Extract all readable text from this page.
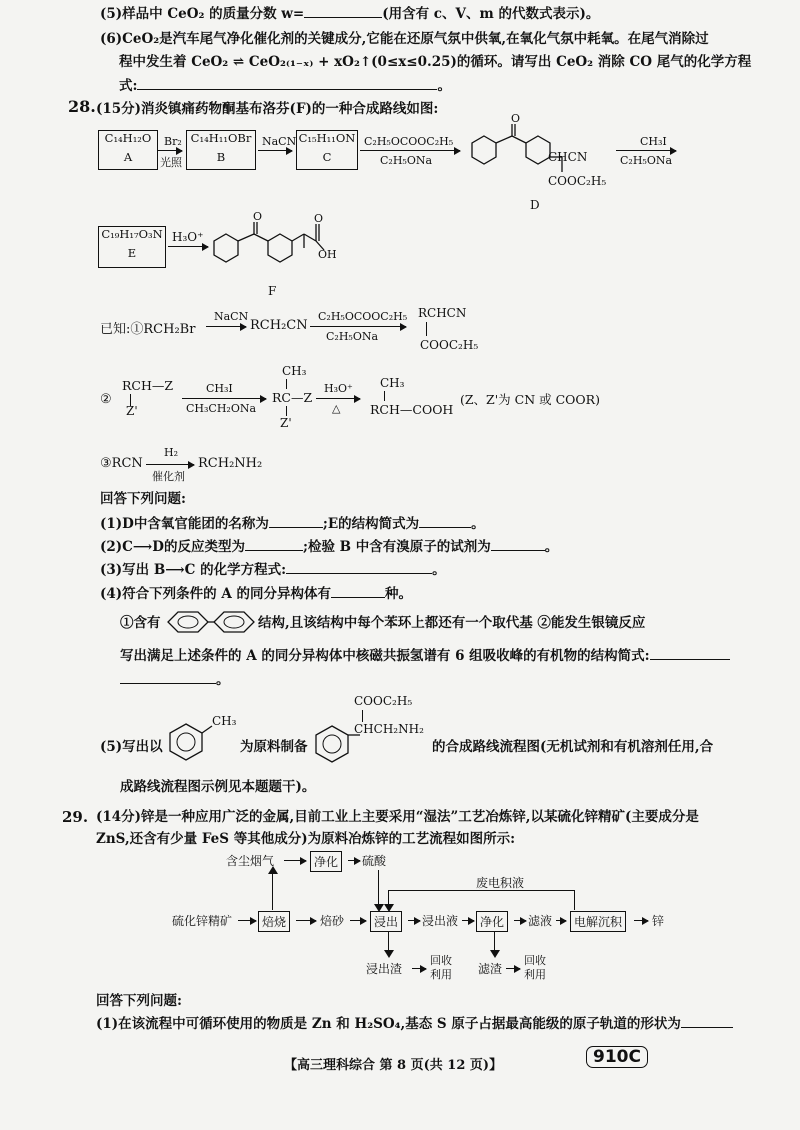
(5)样品中 CeO₂ 的质量分数 w=	(用含有 c、V、m 的代数式表示)。
(6)CeO₂是汽车尾气净化催化剂的关键成分,它能在还原气氛中供氧,在氧化气氛中耗氧。在尾气消除过
程中发生着 CeO₂ ⇌ CeO₂₍₁₋ₓ₎ + xO₂↑(0≤x≤0.25)的循环。请写出 CeO₂ 消除 CO 尾气的化学方程
式:	。
28. (15分)消炎镇痛药物酮基布洛芬(F)的一种合成路线如图:
C₁₄H₁₂O
A
Br₂
光照
C₁₄H₁₁OBr
B
NaCN C₁₅H₁₁ON
C
C₂H₅OCOOC₂H₅
C₂H₅ONa
O
CHCN
COOC₂H₅
D
CH₃I
C₂H₅ONa
C₁₉H₁₇O₃N
E
H₃O⁺
O	O
OH
F
已知:①RCH₂Br
NaCN
RCH₂CN
C₂H₅OCOOC₂H₅
C₂H₅ONa
RCHCN
COOC₂H₅
②
RCH—Z
Z'
CH₃I
CH₃CH₂ONa
CH₃
RC—Z
Z'
H₃O⁺
△
CH₃
RCH—COOH
(Z、Z'为 CN 或 COOR)
③RCN
H₂
催化剂
RCH₂NH₂
回答下列问题:
(1)D中含氧官能团的名称为	;E的结构简式为	。
(2)C⟶D的反应类型为	;检验 B 中含有溴原子的试剂为	。
(3)写出 B⟶C 的化学方程式:	。
(4)符合下列条件的 A 的同分异构体有	种。
①含有	结构,且该结构中每个苯环上都还有一个取代基 ②能发生银镜反应
写出满足上述条件的 A 的同分异构体中核磁共振氢谱有 6 组吸收峰的有机物的结构简式:
。
(5)写出以
CH₃
为原料制备
COOC₂H₅
CHCH₂NH₂
的合成路线流程图(无机试剂和有机溶剂任用,合
成路线流程图示例见本题题干)。
29. (14分)锌是一种应用广泛的金属,目前工业上主要采用“湿法”工艺冶炼锌,以某硫化锌精矿(主要成分是
ZnS,还含有少量 FeS 等其他成分)为原料冶炼锌的工艺流程如图所示:
含尘烟气	净化	硫酸
废电积液
硫化锌精矿	焙烧	焙砂	浸出	浸出液	净化	滤液	电解沉积	锌
浸出渣
回收
利用 滤渣
回收
利用
回答下列问题:
(1)在该流程中可循环使用的物质是 Zn 和 H₂SO₄,基态 S 原子占据最高能级的原子轨道的形状为
【高三理科综合 第 8 页(共 12 页)】	910C
